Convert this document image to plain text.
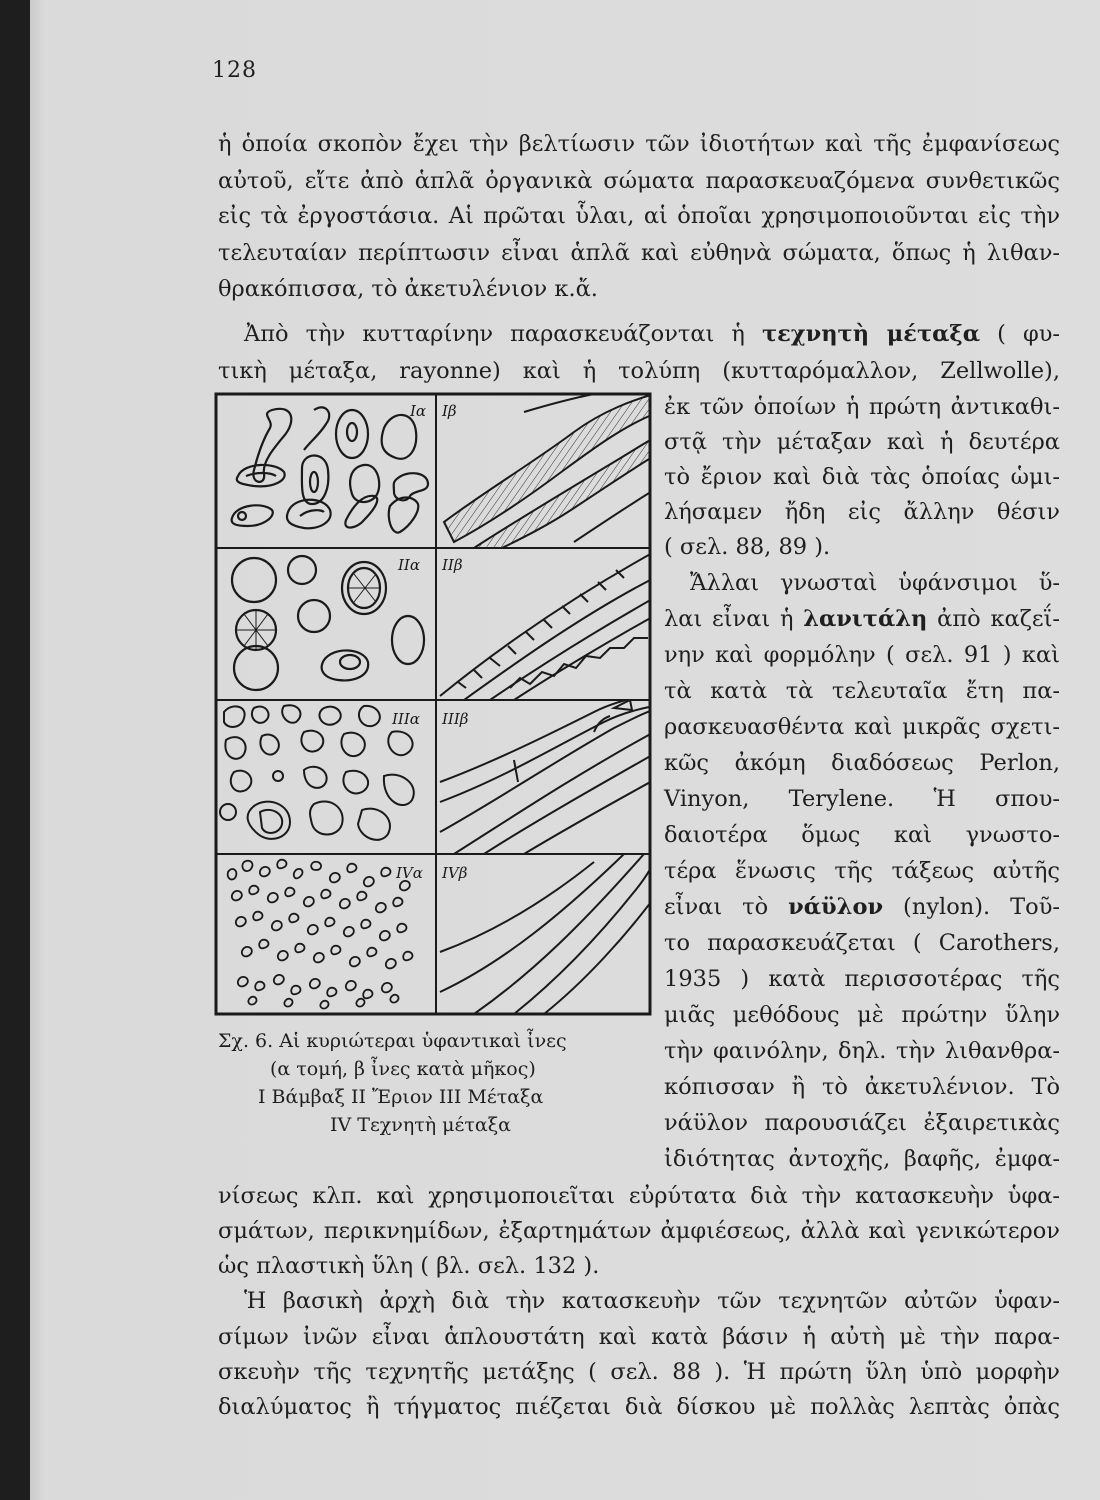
128
ἡ ὁποία σκοπὸν ἔχει τὴν βελτίωσιν τῶν ἰδιοτήτων καὶ τῆς ἐμφανίσεως
αὐτοῦ, εἴτε ἀπὸ ἁπλᾶ ὀργανικὰ σώματα παρασκευαζόμενα συνθετικῶς
εἰς τὰ ἐργοστάσια. Αἱ πρῶται ὗλαι, αἱ ὁποῖαι χρησιμοποιοῦνται εἰς τὴν
τελευταίαν περίπτωσιν εἶναι ἁπλᾶ καὶ εὐθηνὰ σώματα, ὅπως ἡ λιθαν-
θρακόπισσα, τὸ ἀκετυλένιον κ.ἄ.
Ἀπὸ τὴν κυτταρίνην παρασκευάζονται ἡ τεχνητὴ μέταξα ( φυ-
τικὴ μέταξα, rayonne) καὶ ἡ τολύπη (κυτταρόμαλλον, Zellwolle),
ἐκ τῶν ὁποίων ἡ πρώτη ἀντικαθι-
στᾷ τὴν μέταξαν καὶ ἡ δευτέρα
τὸ ἔριον καὶ διὰ τὰς ὁποίας ὡμι-
λήσαμεν ἤδη εἰς ἄλλην θέσιν
( σελ. 88, 89 ).
Ἄλλαι γνωσταὶ ὑφάνσιμοι ὕ-
λαι εἶναι ἡ λανιτάλη ἀπὸ καζεΐ-
νην καὶ φορμόλην ( σελ. 91 ) καὶ
τὰ κατὰ τὰ τελευταῖα ἔτη πα-
ρασκευασθέντα καὶ μικρᾶς σχετι-
κῶς ἀκόμη διαδόσεως Perlon,
Vinyon, Terylene. Ἡ σπου-
δαιοτέρα ὅμως καὶ γνωστο-
τέρα ἕνωσις τῆς τάξεως αὐτῆς
εἶναι τὸ νάϋλον (nylon). Τοῦ-
το παρασκευάζεται ( Carothers,
1935 ) κατὰ περισσοτέρας τῆς
μιᾶς μεθόδους μὲ πρώτην ὕλην
τὴν φαινόλην, δηλ. τὴν λιθανθρα-
κόπισσαν ἢ τὸ ἀκετυλένιον. Τὸ
νάϋλον παρουσιάζει ἐξαιρετικὰς
ἰδιότητας ἀντοχῆς, βαφῆς, ἐμφα-
Iα Iβ
IIα IIβ
IIIα IIIβ
IVα IVβ
Σχ. 6. Αἱ κυριώτεραι ὑφαντικαὶ ἶνες
(α τομή, β ἶνες κατὰ μῆκος)
I Βάμβαξ II Ἔριον III Μέταξα
IV Τεχνητὴ μέταξα
νίσεως κλπ. καὶ χρησιμοποιεῖται εὐρύτατα διὰ τὴν κατασκευὴν ὑφα-
σμάτων, περικνημίδων, ἐξαρτημάτων ἀμφιέσεως, ἀλλὰ καὶ γενικώτερον
ὡς πλαστικὴ ὕλη ( βλ. σελ. 132 ).
Ἡ βασικὴ ἀρχὴ διὰ τὴν κατασκευὴν τῶν τεχνητῶν αὐτῶν ὑφαν-
σίμων ἰνῶν εἶναι ἁπλουστάτη καὶ κατὰ βάσιν ἡ αὐτὴ μὲ τὴν παρα-
σκευὴν τῆς τεχνητῆς μετάξης ( σελ. 88 ). Ἡ πρώτη ὕλη ὑπὸ μορφὴν
διαλύματος ἢ τήγματος πιέζεται διὰ δίσκου μὲ πολλὰς λεπτὰς ὀπὰς
